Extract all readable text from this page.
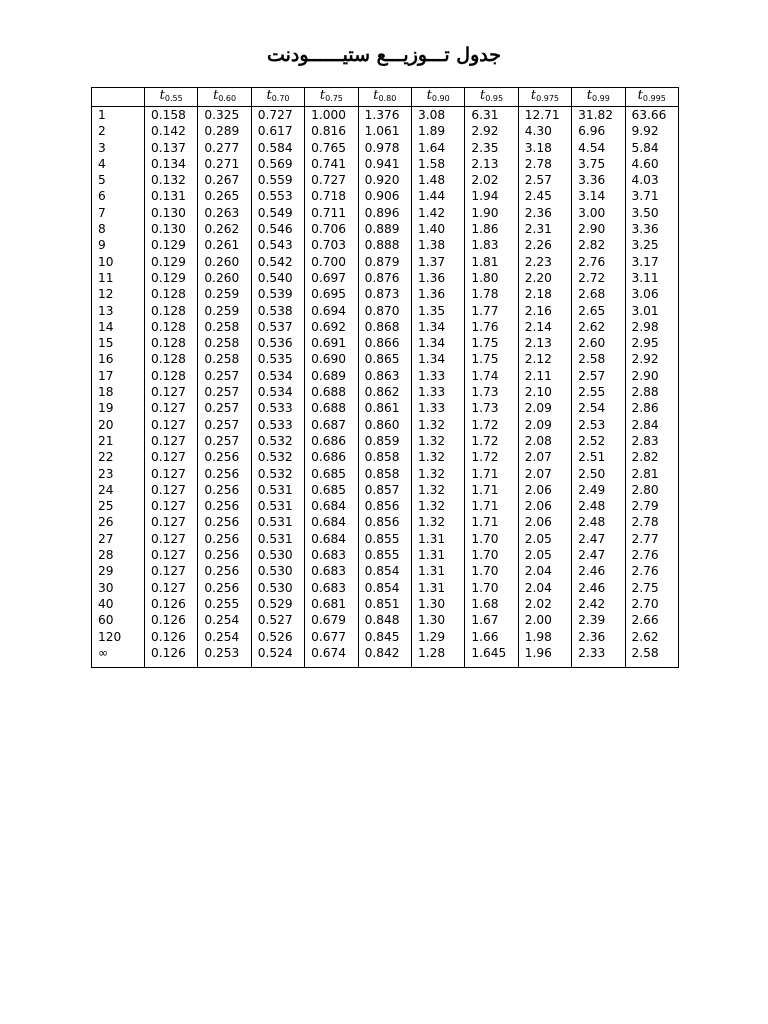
جدول تـــوزيـــع ستيــــــودنت
	t0.55	t0.60	t0.70	t0.75	t0.80	t0.90	t0.95	t0.975	t0.99	t0.995
1	0.158	0.325	0.727	1.000	1.376	3.08	6.31	12.71	31.82	63.66
2	0.142	0.289	0.617	0.816	1.061	1.89	2.92	4.30	6.96	9.92
3	0.137	0.277	0.584	0.765	0.978	1.64	2.35	3.18	4.54	5.84
4	0.134	0.271	0.569	0.741	0.941	1.58	2.13	2.78	3.75	4.60
5	0.132	0.267	0.559	0.727	0.920	1.48	2.02	2.57	3.36	4.03
6	0.131	0.265	0.553	0.718	0.906	1.44	1.94	2.45	3.14	3.71
7	0.130	0.263	0.549	0.711	0.896	1.42	1.90	2.36	3.00	3.50
8	0.130	0.262	0.546	0.706	0.889	1.40	1.86	2.31	2.90	3.36
9	0.129	0.261	0.543	0.703	0.888	1.38	1.83	2.26	2.82	3.25
10	0.129	0.260	0.542	0.700	0.879	1.37	1.81	2.23	2.76	3.17
11	0.129	0.260	0.540	0.697	0.876	1.36	1.80	2.20	2.72	3.11
12	0.128	0.259	0.539	0.695	0.873	1.36	1.78	2.18	2.68	3.06
13	0.128	0.259	0.538	0.694	0.870	1.35	1.77	2.16	2.65	3.01
14	0.128	0.258	0.537	0.692	0.868	1.34	1.76	2.14	2.62	2.98
15	0.128	0.258	0.536	0.691	0.866	1.34	1.75	2.13	2.60	2.95
16	0.128	0.258	0.535	0.690	0.865	1.34	1.75	2.12	2.58	2.92
17	0.128	0.257	0.534	0.689	0.863	1.33	1.74	2.11	2.57	2.90
18	0.127	0.257	0.534	0.688	0.862	1.33	1.73	2.10	2.55	2.88
19	0.127	0.257	0.533	0.688	0.861	1.33	1.73	2.09	2.54	2.86
20	0.127	0.257	0.533	0.687	0.860	1.32	1.72	2.09	2.53	2.84
21	0.127	0.257	0.532	0.686	0.859	1.32	1.72	2.08	2.52	2.83
22	0.127	0.256	0.532	0.686	0.858	1.32	1.72	2.07	2.51	2.82
23	0.127	0.256	0.532	0.685	0.858	1.32	1.71	2.07	2.50	2.81
24	0.127	0.256	0.531	0.685	0.857	1.32	1.71	2.06	2.49	2.80
25	0.127	0.256	0.531	0.684	0.856	1.32	1.71	2.06	2.48	2.79
26	0.127	0.256	0.531	0.684	0.856	1.32	1.71	2.06	2.48	2.78
27	0.127	0.256	0.531	0.684	0.855	1.31	1.70	2.05	2.47	2.77
28	0.127	0.256	0.530	0.683	0.855	1.31	1.70	2.05	2.47	2.76
29	0.127	0.256	0.530	0.683	0.854	1.31	1.70	2.04	2.46	2.76
30	0.127	0.256	0.530	0.683	0.854	1.31	1.70	2.04	2.46	2.75
40	0.126	0.255	0.529	0.681	0.851	1.30	1.68	2.02	2.42	2.70
60	0.126	0.254	0.527	0.679	0.848	1.30	1.67	2.00	2.39	2.66
120	0.126	0.254	0.526	0.677	0.845	1.29	1.66	1.98	2.36	2.62
∞	0.126	0.253	0.524	0.674	0.842	1.28	1.645	1.96	2.33	2.58
